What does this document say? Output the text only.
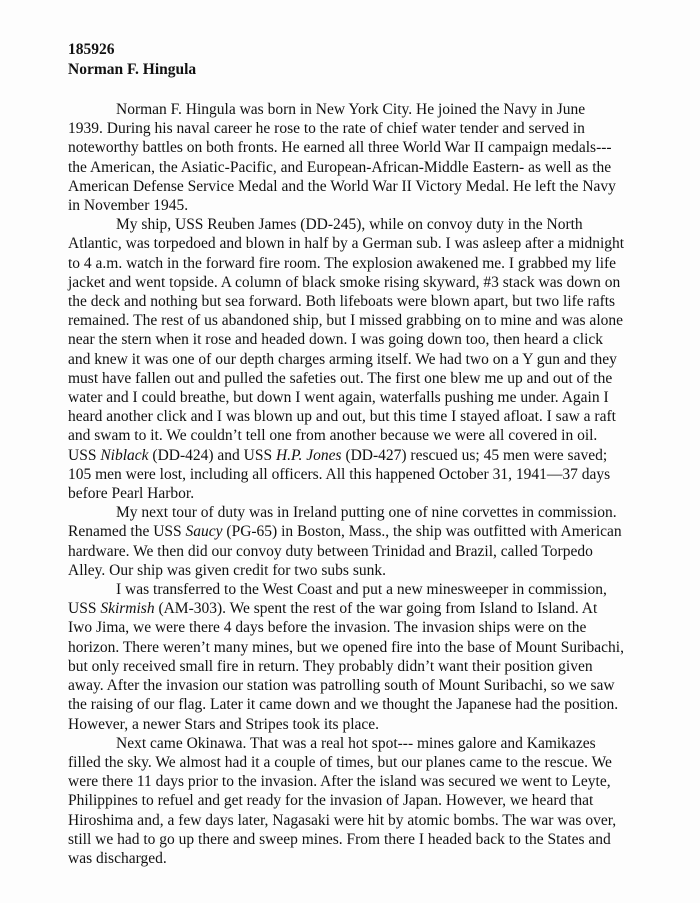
185926

Norman F. Hingula

Norman F. Hingula was born in New York City. He joined the Navy in June
1939. During his naval career he rose to the rate of chief water tender and served in
noteworthy battles on both fronts. He earned all three World War II campaign medals---
the American, the Asiatic-Pacific, and European-African-Middle Eastern- as well as the
American Defense Service Medal and the World War II Victory Medal. He left the Navy
in November 1945.

My ship, USS Reuben James (DD-245), while on convoy duty in the North
Atlantic, was torpedoed and blown in half by a German sub. I was asleep after a midnight
to 4 a.m. watch in the forward fire room. The explosion awakened me. I grabbed my life
jacket and went topside. A column of black smoke rising skyward, #3 stack was down on
the deck and nothing but sea forward. Both lifeboats were blown apart, but two life rafts
remained. The rest of us abandoned ship, but I missed grabbing on to mine and was alone
near the stern when it rose and headed down. I was going down too, then heard a click
and knew it was one of our depth charges arming itself. We had two on a Y gun and they
must have fallen out and pulled the safeties out. The first one blew me up and out of the
water and I could breathe, but down I went again, waterfalls pushing me under. Again I
heard another click and I was blown up and out, but this time I stayed afloat. I saw a raft
and swam to it. We couldn’t tell one from another because we were all covered in oil.
USS Niblack (DD-424) and USS H.P. Jones (DD-427) rescued us; 45 men were saved;
105 men were lost, including all officers. All this happened October 31, 1941—37 days
before Pearl Harbor.

My next tour of duty was in Ireland putting one of nine corvettes in commission.
Renamed the USS Saucy (PG-65) in Boston, Mass., the ship was outfitted with American
hardware. We then did our convoy duty between Trinidad and Brazil, called Torpedo
Alley. Our ship was given credit for two subs sunk.

I was transferred to the West Coast and put a new minesweeper in commission,
USS Skirmish (AM-303). We spent the rest of the war going from Island to Island. At
Iwo Jima, we were there 4 days before the invasion. The invasion ships were on the
horizon. There weren’t many mines, but we opened fire into the base of Mount Suribachi,
but only received small fire in return. They probably didn’t want their position given
away. After the invasion our station was patrolling south of Mount Suribachi, so we saw
the raising of our flag. Later it came down and we thought the Japanese had the position.
However, a newer Stars and Stripes took its place.

Next came Okinawa. That was a real hot spot--- mines galore and Kamikazes
filled the sky. We almost had it a couple of times, but our planes came to the rescue. We
were there 11 days prior to the invasion. After the island was secured we went to Leyte,
Philippines to refuel and get ready for the invasion of Japan. However, we heard that
Hiroshima and, a few days later, Nagasaki were hit by atomic bombs. The war was over,
still we had to go up there and sweep mines. From there I headed back to the States and
was discharged.
